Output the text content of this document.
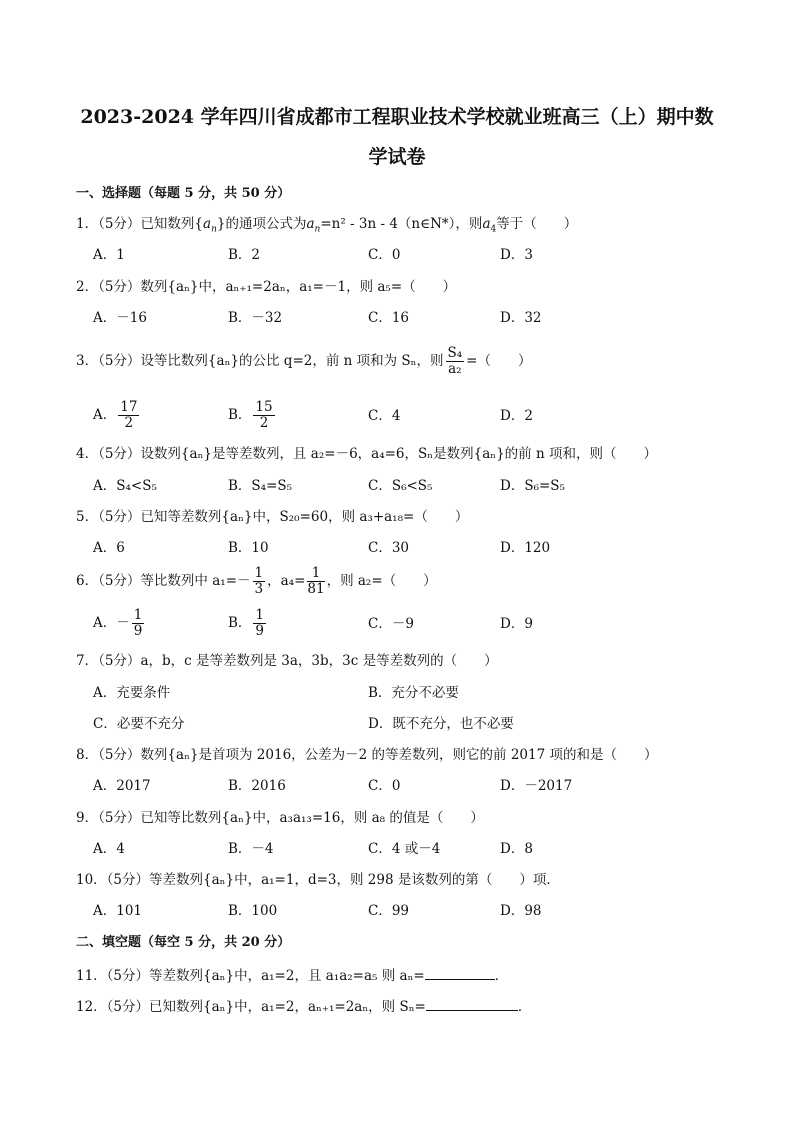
2023-2024 学年四川省成都市工程职业技术学校就业班高三（上）期中数
学试卷
一、选择题（每题 5 分，共 50 分）
1．（5分）已知数列$\{a_n\}$的通项公式为$a_n=n^2 - 3n$ - 4（n∈N*），则$a_4$等于（　　）
A．1	B．2	C．0	D．3
2．（5分）数列{aₙ}中，aₙ₊₁=2aₙ，a₁=－1，则 a₅=（　　）
A．－16	B．－32	C．16	D．32
3．（5分）设等比数列{aₙ}的公比 q=2，前 n 项和为 Sₙ，则 $\frac{\text{S₄}}{\text{a₂}}$ =（　　）
A． $\frac{17}{2}$	B． $\frac{15}{2}$	C．4	D．2
4．（5分）设数列{aₙ}是等差数列，且 a₂=－6，a₄=6，Sₙ是数列{aₙ}的前 n 项和，则（　　）
A．S₄<S₅	B．S₄=S₅	C．S₆<S₅	D．S₆=S₅
5．（5分）已知等差数列{aₙ}中，S₂₀=60，则 a₃+a₁₈=（　　）
A．6	B．10	C．30	D．120
6．（5分）等比数列中 $a_1=- \frac{1}{3}$ ，$a_4= \frac{1}{81}$ ，则 a₂=（　　）
A．－ $\frac{1}{9}$	B． $\frac{1}{9}$	C．－9	D．9
7．（5分）a，b，c 是等差数列是 3a，3b，3c 是等差数列的（　　）
A．充要条件	B．充分不必要
C．必要不充分	D．既不充分，也不必要
8．（5分）数列{aₙ}是首项为 2016，公差为－2 的等差数列，则它的前 2017 项的和是（　　）
A．2017	B．2016	C．0	D．－2017
9．（5分）已知等比数列{aₙ}中，a₃a₁₃=16，则 a₈ 的值是（　　）
A．4	B．－4	C．4 或－4	D．8
10．（5分）等差数列{aₙ}中，a₁=1，d=3，则 298 是该数列的第（　　）项．
A．101	B．100	C．99	D．98
二、填空题（每空 5 分，共 20 分）
11．（5分）等差数列{aₙ}中，a₁=2，且 a₁a₂=a₅ 则 aₙ=	．
12．（5分）已知数列{aₙ}中，a₁=2，aₙ₊₁=2aₙ，则 Sₙ=	．
